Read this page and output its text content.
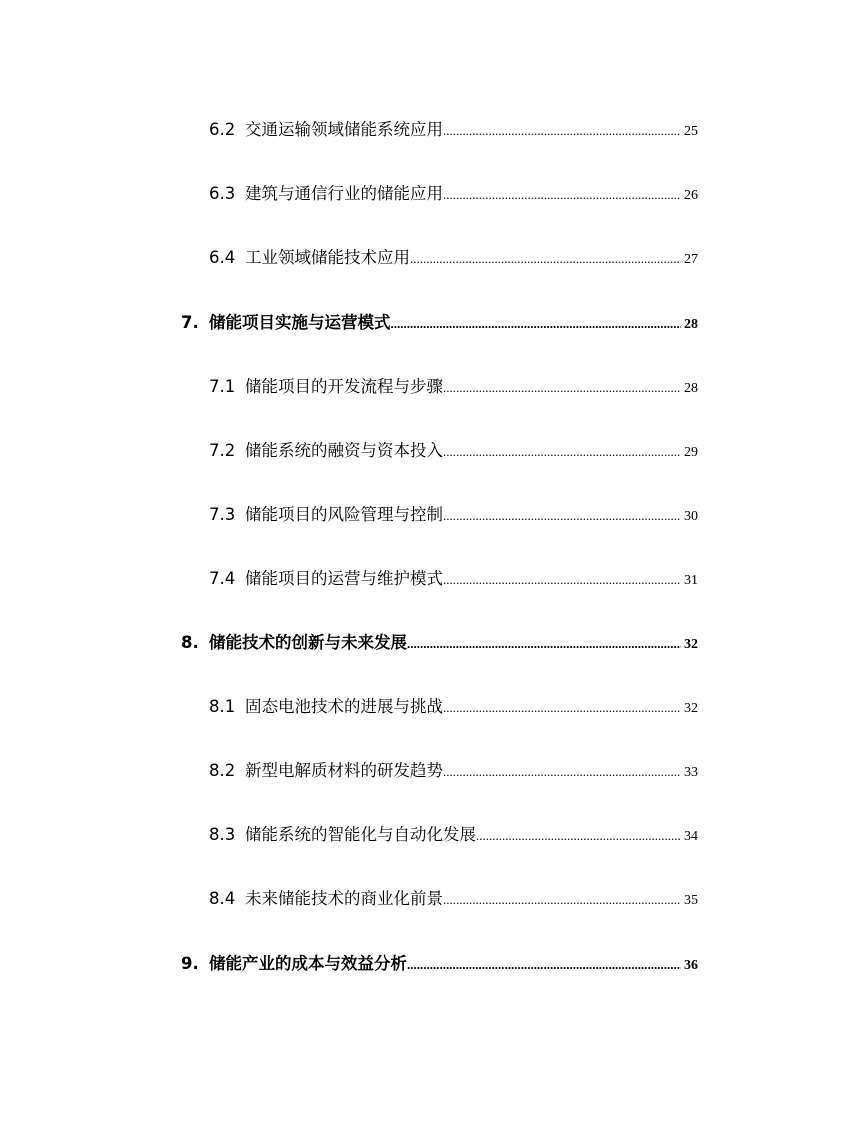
6.2 交通运输领域储能系统应用 .....	25
6.3 建筑与通信行业的储能应用 .....	26
6.4 工业领域储能技术应用 .....	27
7. 储能项目实施与运营模式 .....	28
7.1 储能项目的开发流程与步骤 .....	28
7.2 储能系统的融资与资本投入 .....	29
7.3 储能项目的风险管理与控制 .....	30
7.4 储能项目的运营与维护模式 .....	31
8. 储能技术的创新与未来发展 .....	32
8.1 固态电池技术的进展与挑战 .....	32
8.2 新型电解质材料的研发趋势 .....	33
8.3 储能系统的智能化与自动化发展 .....	34
8.4 未来储能技术的商业化前景 .....	35
9. 储能产业的成本与效益分析 .....	36
